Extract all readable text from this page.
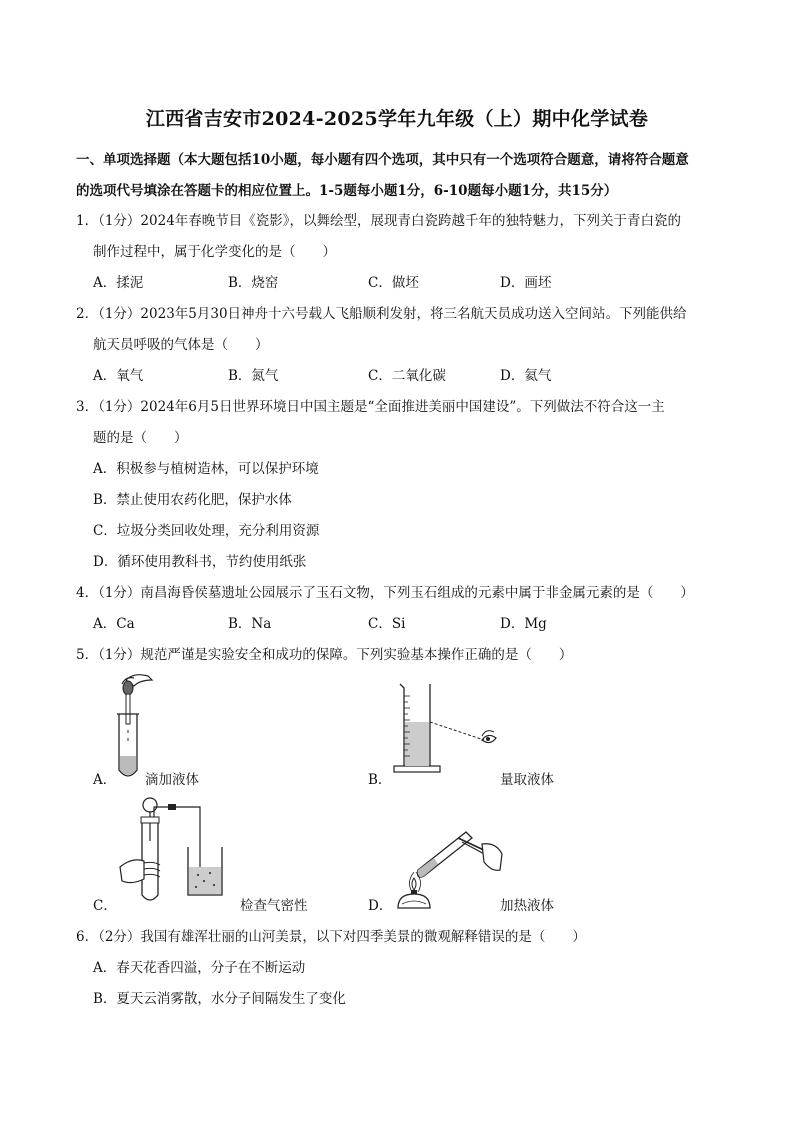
江西省吉安市2024-2025学年九年级（上）期中化学试卷
一、单项选择题（本大题包括10小题，每小题有四个选项，其中只有一个选项符合题意，请将符合题意
的选项代号填涂在答题卡的相应位置上。1-5题每小题1分，6-10题每小题1分，共15分）
1．（1分）2024年春晚节目《瓷影》，以舞绘型，展现青白瓷跨越千年的独特魅力，下列关于青白瓷的
制作过程中，属于化学变化的是（　　）
A．揉泥	B．烧窑	C．做坯	D．画坯
2．（1分）2023年5月30日神舟十六号载人飞船顺利发射，将三名航天员成功送入空间站。下列能供给
航天员呼吸的气体是（　　）
A．氧气	B．氮气	C．二氧化碳	D．氦气
3．（1分）2024年6月5日世界环境日中国主题是“全面推进美丽中国建设”。下列做法不符合这一主
题的是（　　）
A．积极参与植树造林，可以保护环境
B．禁止使用农药化肥，保护水体
C．垃圾分类回收处理，充分利用资源
D．循环使用教科书，节约使用纸张
4．（1分）南昌海昏侯墓遗址公园展示了玉石文物，下列玉石组成的元素中属于非金属元素的是（　　）
A．Ca	B．Na	C．Si	D．Mg
5．（1分）规范严谨是实验安全和成功的保障。下列实验基本操作正确的是（　　）
A． 滴加液体	B．	量取液体
C．	检查气密性	D．	加热液体
6．（2分）我国有雄浑壮丽的山河美景，以下对四季美景的微观解释错误的是（　　）
A．春天花香四溢，分子在不断运动
B．夏天云消雾散，水分子间隔发生了变化
